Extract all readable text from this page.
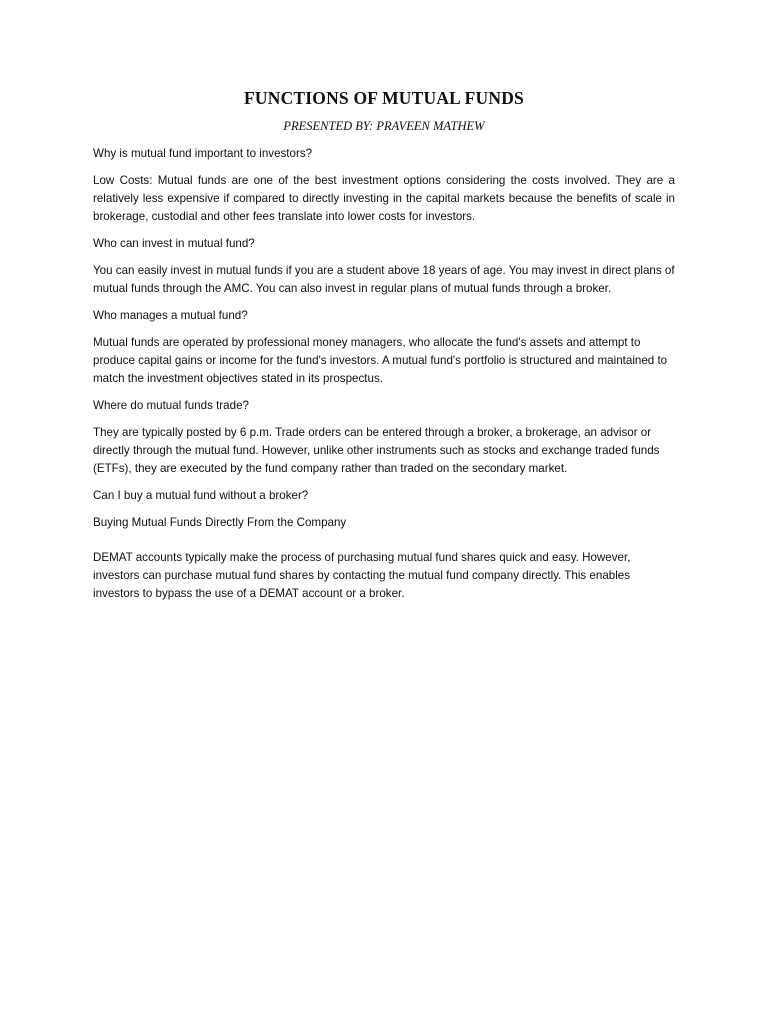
FUNCTIONS OF MUTUAL FUNDS
PRESENTED BY: PRAVEEN MATHEW

Why is mutual fund important to investors?

Low Costs: Mutual funds are one of the best investment options considering the costs involved. They are a relatively less expensive if compared to directly investing in the capital markets because the benefits of scale in brokerage, custodial and other fees translate into lower costs for investors.

Who can invest in mutual fund?

You can easily invest in mutual funds if you are a student above 18 years of age. You may invest in direct plans of mutual funds through the AMC. You can also invest in regular plans of mutual funds through a broker.

Who manages a mutual fund?

Mutual funds are operated by professional money managers, who allocate the fund's assets and attempt to produce capital gains or income for the fund's investors. A mutual fund's portfolio is structured and maintained to match the investment objectives stated in its prospectus.

Where do mutual funds trade?

They are typically posted by 6 p.m. Trade orders can be entered through a broker, a brokerage, an advisor or directly through the mutual fund. However, unlike other instruments such as stocks and exchange traded funds (ETFs), they are executed by the fund company rather than traded on the secondary market.

Can I buy a mutual fund without a broker?

Buying Mutual Funds Directly From the Company

DEMAT accounts typically make the process of purchasing mutual fund shares quick and easy. However, investors can purchase mutual fund shares by contacting the mutual fund company directly. This enables investors to bypass the use of a DEMAT account or a broker.
